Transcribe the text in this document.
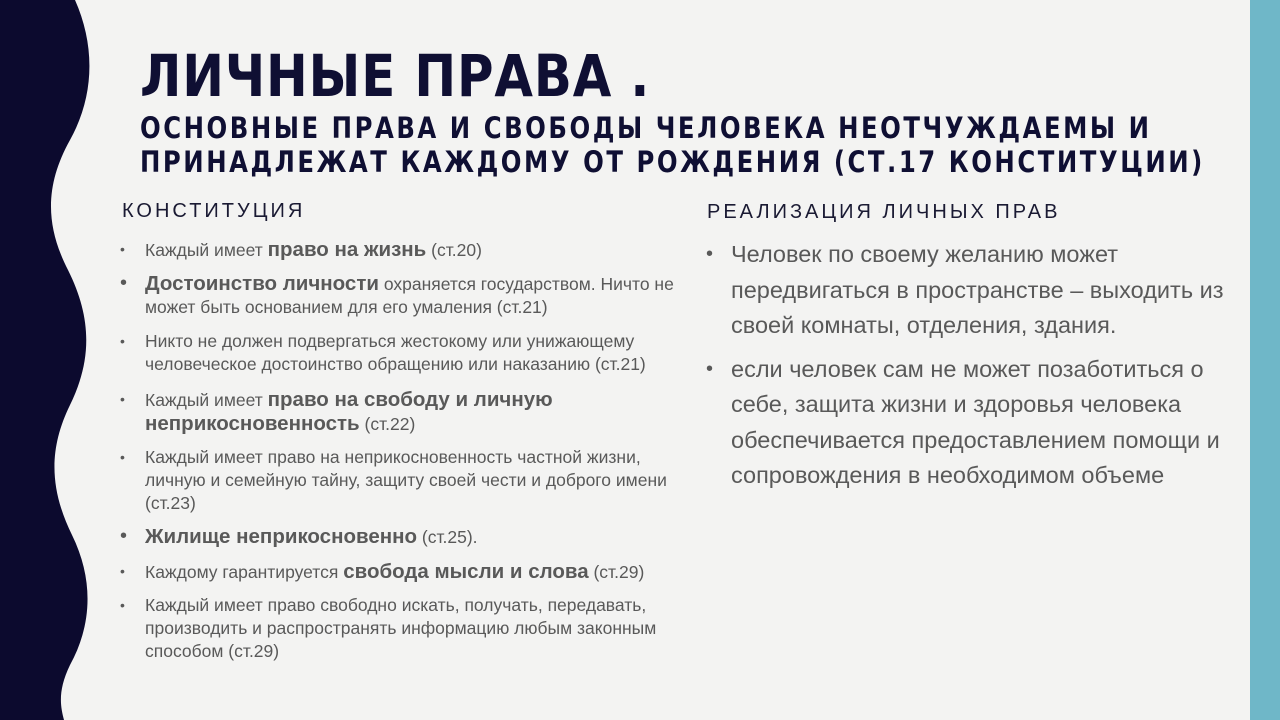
ЛИЧНЫЕ ПРАВА .
ОСНОВНЫЕ ПРАВА И СВОБОДЫ ЧЕЛОВЕКА НЕОТЧУЖДАЕМЫ И
ПРИНАДЛЕЖАТ КАЖДОМУ ОТ РОЖДЕНИЯ (СТ.17 КОНСТИТУЦИИ)
КОНСТИТУЦИЯ	РЕАЛИЗАЦИЯ ЛИЧНЫХ ПРАВ
• Каждый имеет право на жизнь (ст.20)
• Достоинство личности охраняется государством. Ничто не может быть основанием для его умаления (ст.21)
• Никто не должен подвергаться жестокому или унижающему человеческое достоинство обращению или наказанию (ст.21)
• Каждый имеет право на свободу и личную неприкосновенность (ст.22)
• Каждый имеет право на неприкосновенность частной жизни, личную и семейную тайну, защиту своей чести и доброго имени (ст.23)
• Жилище неприкосновенно (ст.25).
• Каждому гарантируется свобода мысли и слова (ст.29)
• Каждый имеет право свободно искать, получать, передавать, производить и распространять информацию любым законным способом (ст.29)
• Человек по своему желанию может передвигаться в пространстве – выходить из своей комнаты, отделения, здания.
• если человек сам не может позаботиться о себе, защита жизни и здоровья человека обеспечивается предоставлением помощи и сопровождения в необходимом объеме
